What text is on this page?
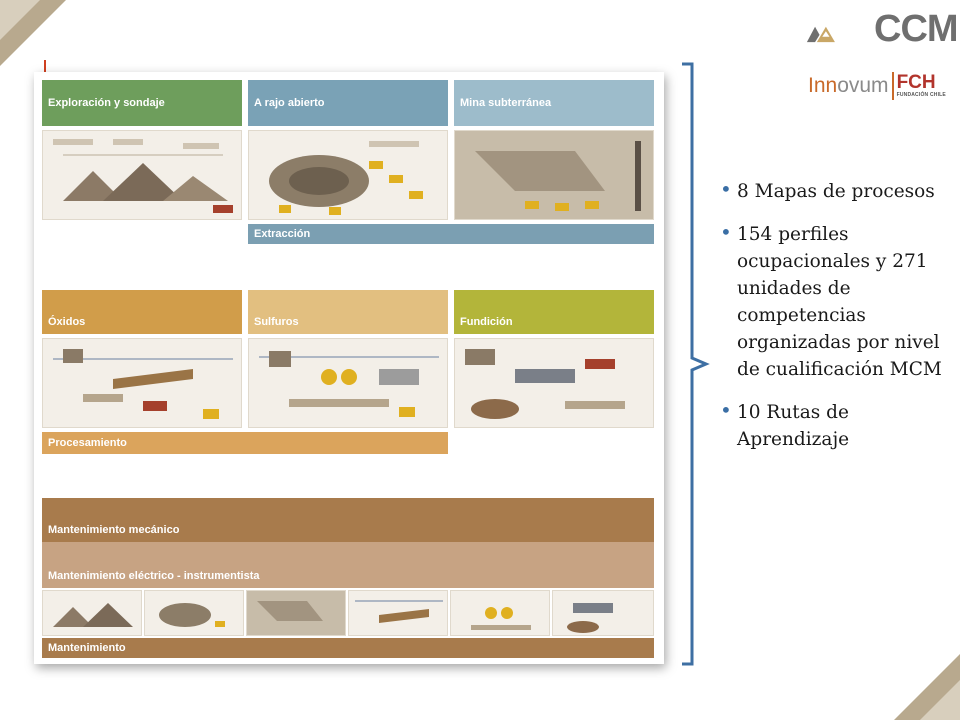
CCM
Innovum FCH
FUNDACIÓN CHILE
Exploración y sondaje	A rajo abierto	Mina subterránea
Extracción
Óxidos	Sulfuros	Fundición
Procesamiento
Mantenimiento mecánico
Mantenimiento eléctrico - instrumentista
Mantenimiento
• 8 Mapas de procesos
• 154 perfiles ocupacionales y 271 unidades de competencias organizadas por nivel de cualificación MCM
• 10 Rutas de Aprendizaje
